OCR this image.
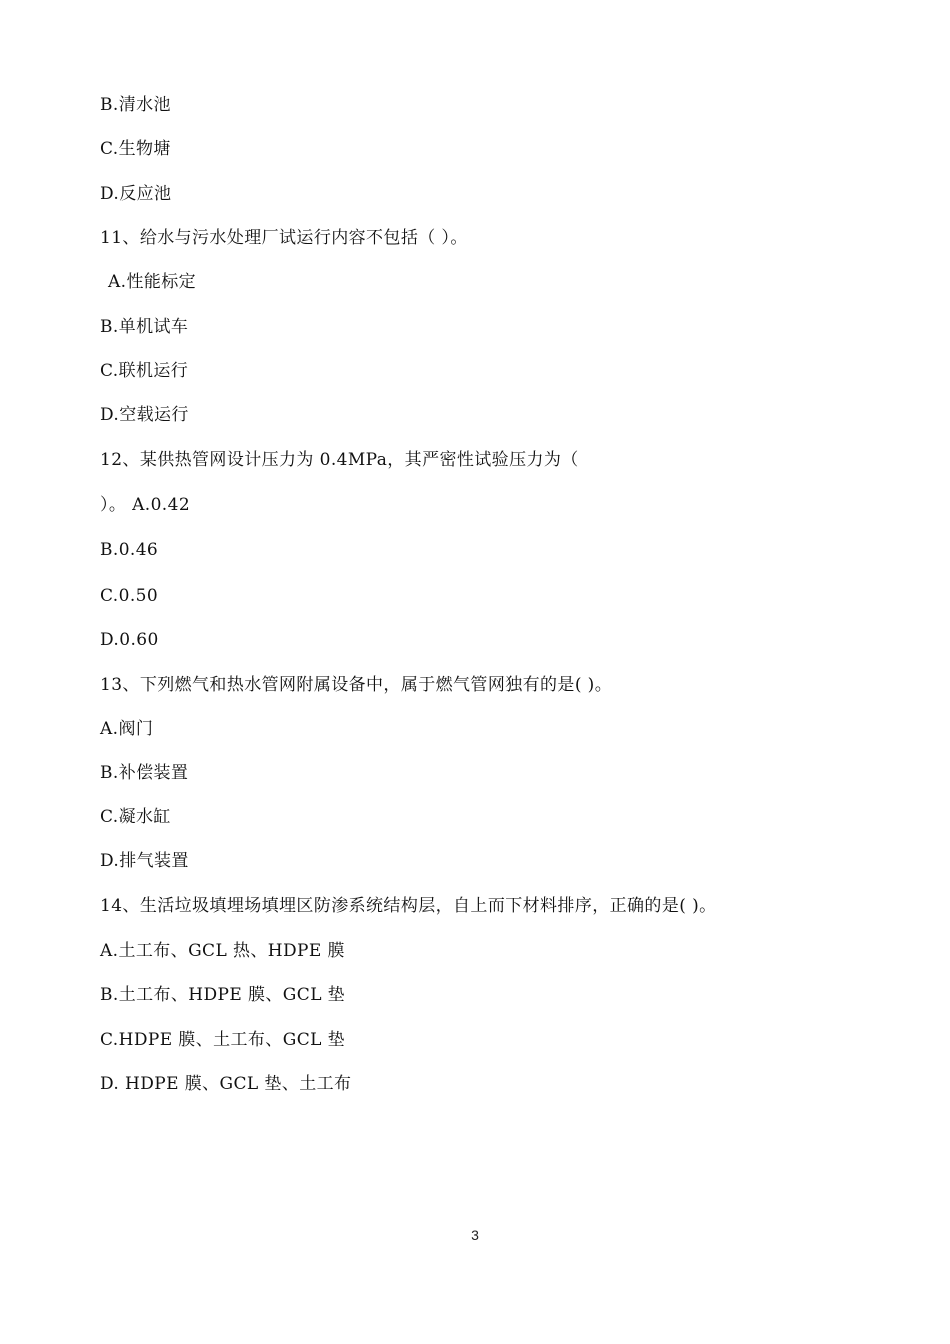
B.清水池
C.生物塘
D.反应池
11、给水与污水处理厂试运行内容不包括（ ）。
A.性能标定
B.单机试车
C.联机运行
D.空载运行
12、某供热管网设计压力为 0.4MPa，其严密性试验压力为（
）。 A.0.42
B.0.46
C.0.50
D.0.60
13、下列燃气和热水管网附属设备中，属于燃气管网独有的是( )。
A.阀门
B.补偿装置
C.凝水缸
D.排气装置
14、生活垃圾填埋场填埋区防渗系统结构层，自上而下材料排序，正确的是( )。
A.土工布、GCL 热、HDPE 膜
B.土工布、HDPE 膜、GCL 垫
C.HDPE 膜、土工布、GCL 垫
D. HDPE 膜、GCL 垫、土工布
3
